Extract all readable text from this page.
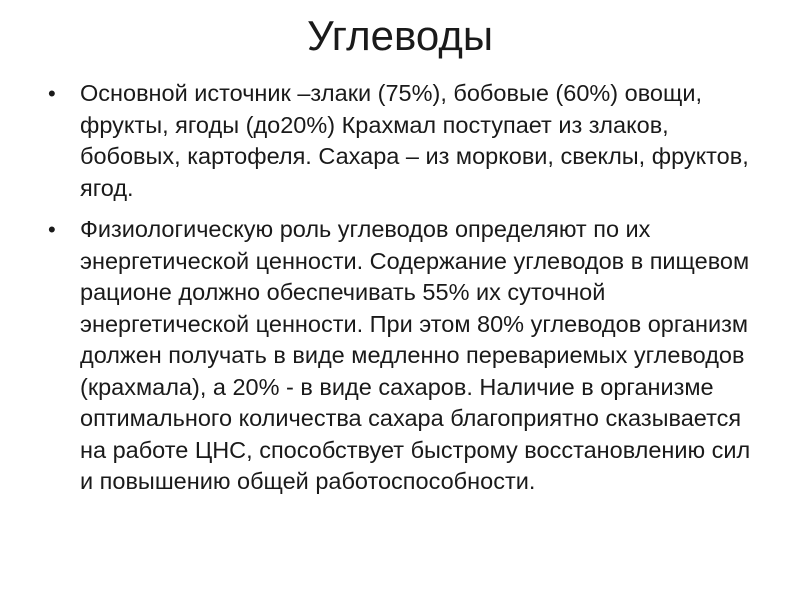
Углеводы
•	Основной источник –злаки (75%), бобовые (60%) овощи, фрукты, ягоды (до20%) Крахмал поступает из злаков, бобовых, картофеля. Сахара – из моркови, свеклы, фруктов, ягод.
•	Физиологическую роль углеводов определяют по их энергетической ценности. Содержание углеводов в пищевом рационе должно обеспечивать 55% их суточной энергетической ценности. При этом 80% углеводов организм должен получать в виде медленно перевариемых углеводов (крахмала), а 20% - в виде сахаров. Наличие в организме оптимального количества сахара благоприятно сказывается на работе ЦНС, способствует быстрому восстановлению сил и повышению общей работоспособности.
